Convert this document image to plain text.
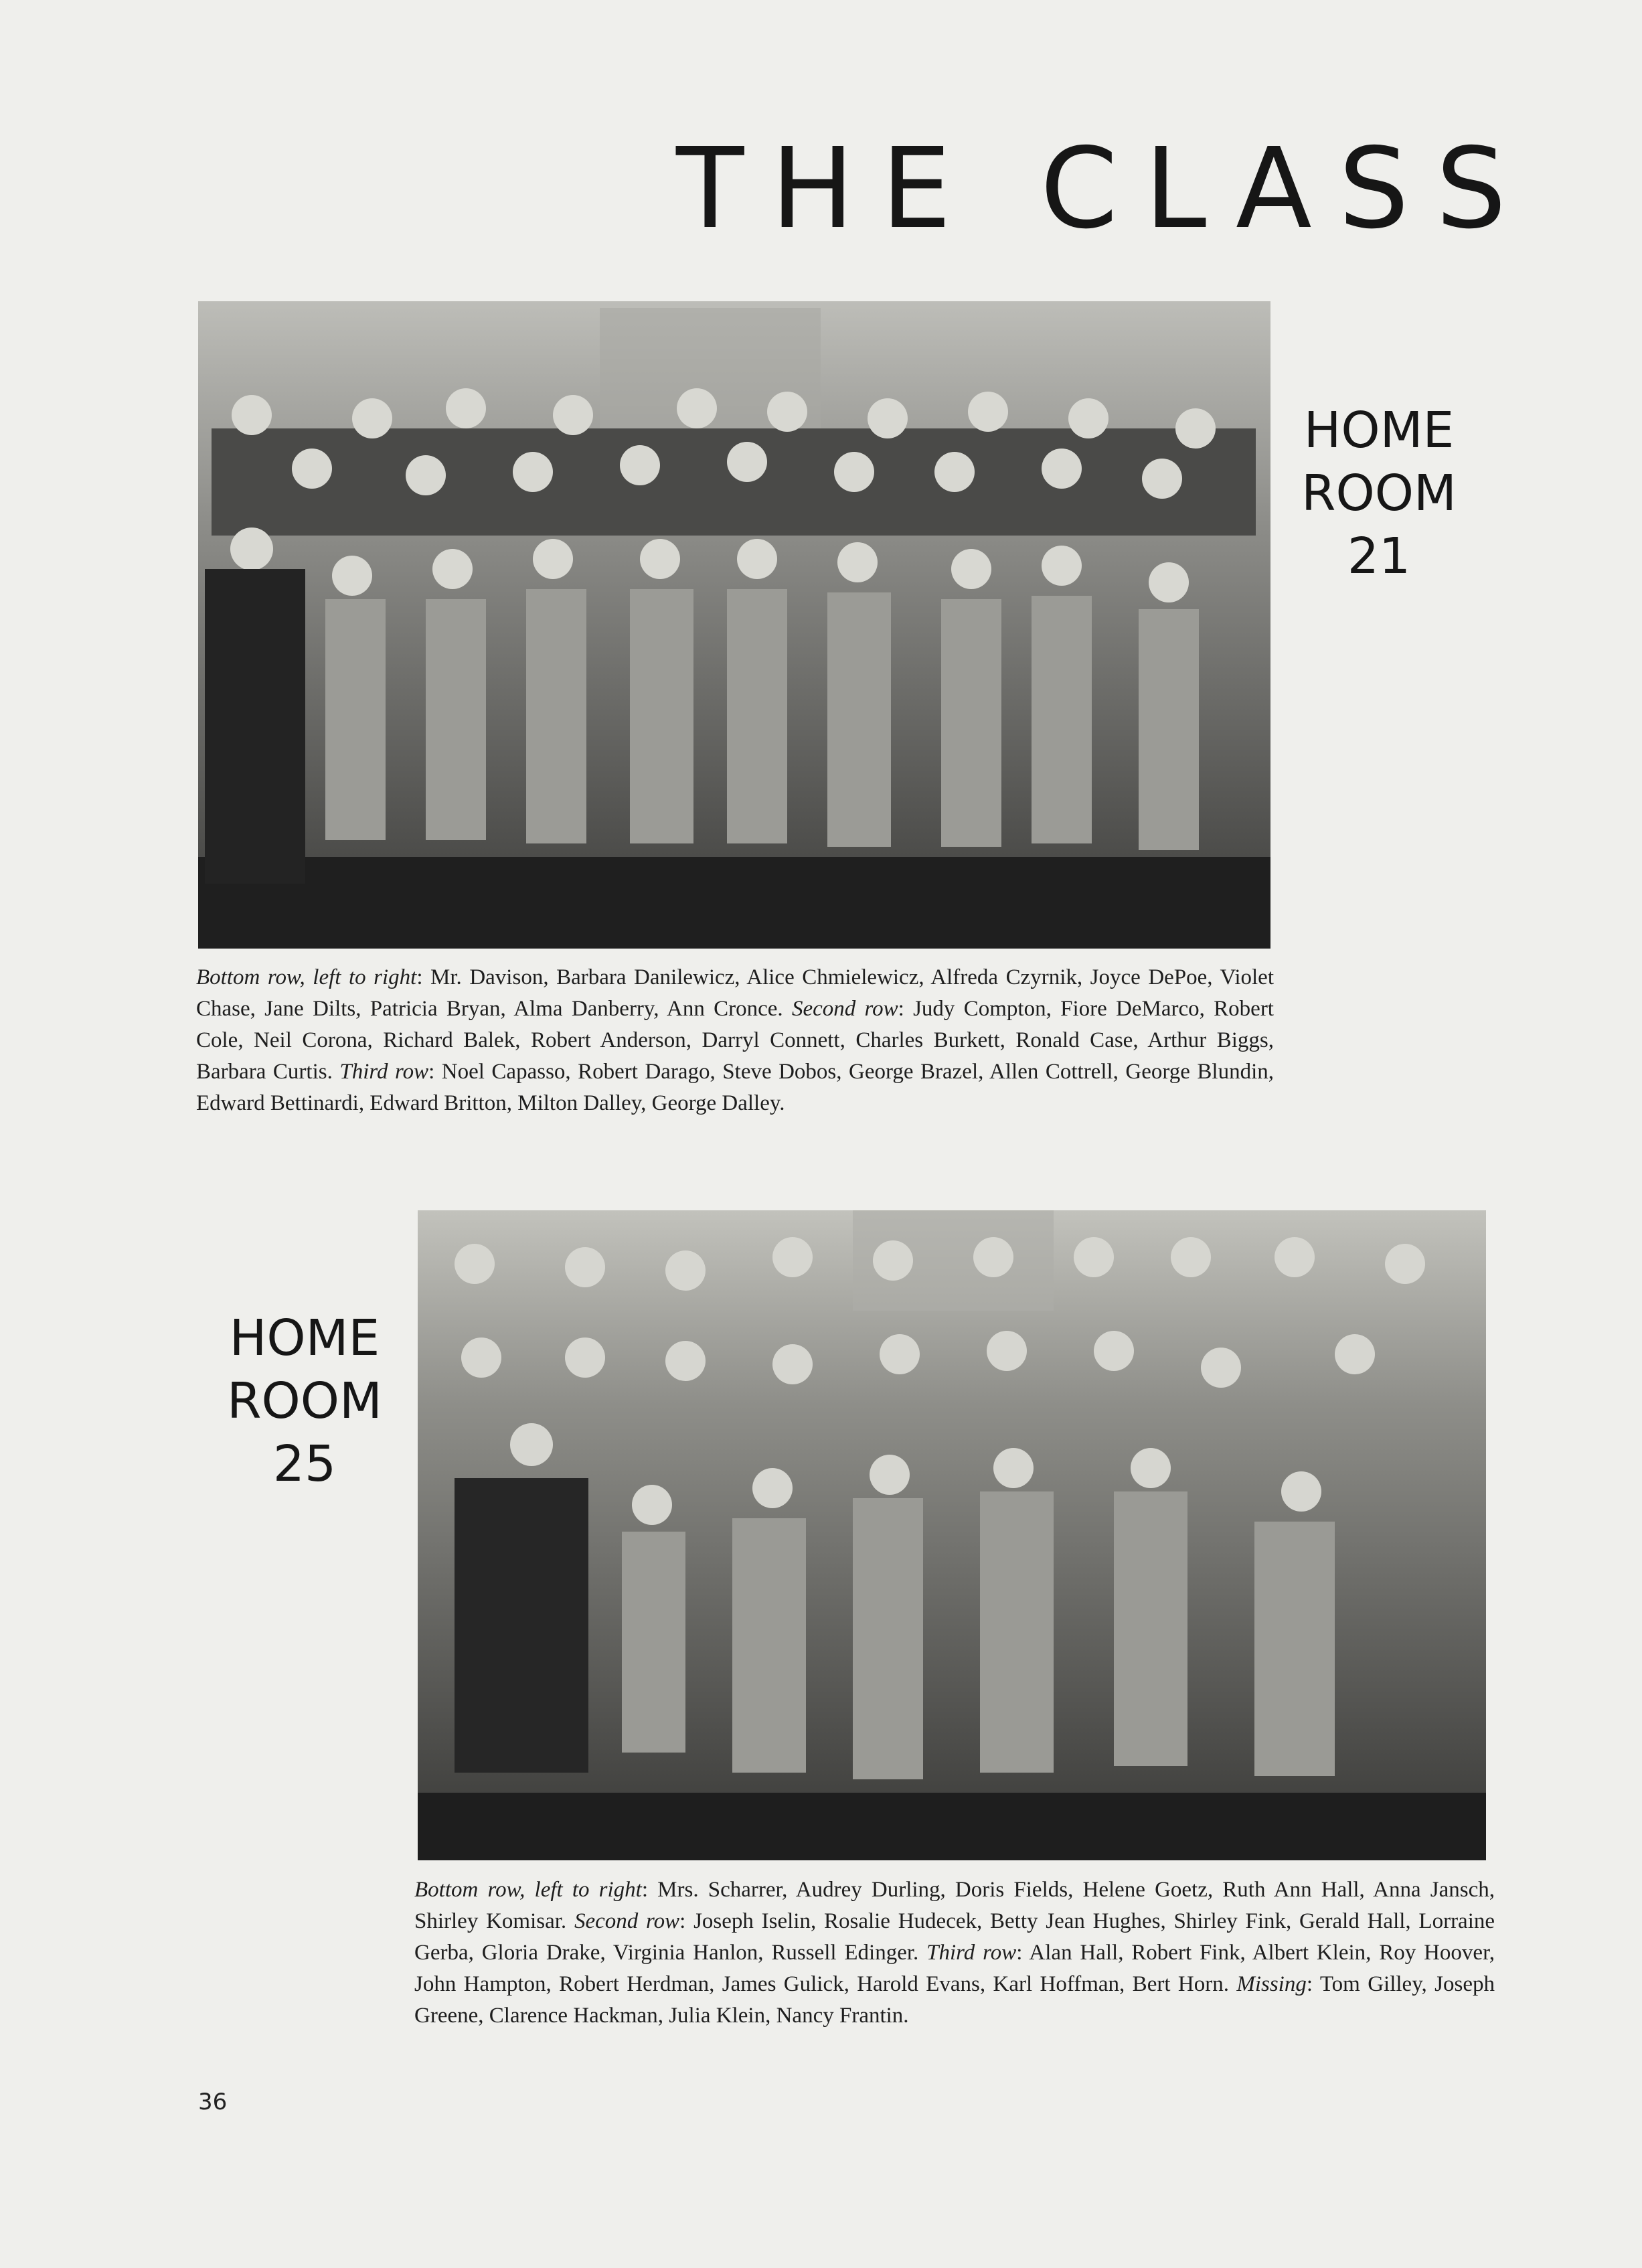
THE CLASS
HOME
ROOM
21
Bottom row, left to right: Mr. Davison, Barbara Danilewicz, Alice Chmielewicz, Alfreda Czyrnik, Joyce DePoe, Violet Chase, Jane Dilts, Patricia Bryan, Alma Danberry, Ann Cronce. Second row: Judy Compton, Fiore DeMarco, Robert Cole, Neil Corona, Richard Balek, Robert Anderson, Darryl Connett, Charles Burkett, Ronald Case, Arthur Biggs, Barbara Curtis. Third row: Noel Capasso, Robert Darago, Steve Dobos, George Brazel, Allen Cottrell, George Blundin, Edward Bettinardi, Edward Britton, Milton Dalley, George Dalley.
HOME
ROOM
25
Bottom row, left to right: Mrs. Scharrer, Audrey Durling, Doris Fields, Helene Goetz, Ruth Ann Hall, Anna Jansch, Shirley Komisar. Second row: Joseph Iselin, Rosalie Hudecek, Betty Jean Hughes, Shirley Fink, Gerald Hall, Lorraine Gerba, Gloria Drake, Virginia Hanlon, Russell Edinger. Third row: Alan Hall, Robert Fink, Albert Klein, Roy Hoover, John Hampton, Robert Herdman, James Gulick, Harold Evans, Karl Hoffman, Bert Horn. Missing: Tom Gilley, Joseph Greene, Clarence Hackman, Julia Klein, Nancy Frantin.
36
